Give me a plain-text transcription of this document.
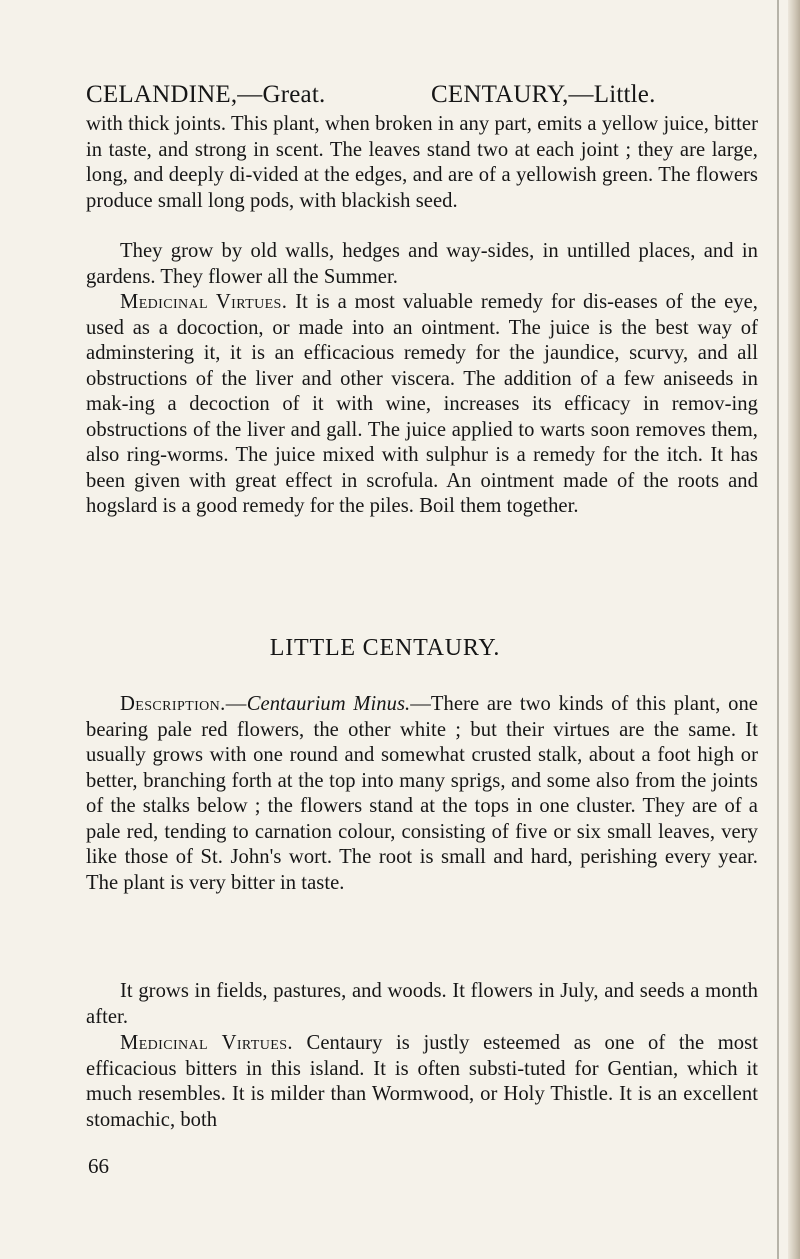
CELANDINE,—Great.	CENTAURY,—Little.

with thick joints. This plant, when broken in any part, emits a yellow juice, bitter in taste, and strong in scent. The leaves stand two at each joint ; they are large, long, and deeply di-vided at the edges, and are of a yellowish green. The flowers produce small long pods, with blackish seed.

They grow by old walls, hedges and way-sides, in untilled places, and in gardens. They flower all the Summer.

Medicinal Virtues. It is a most valuable remedy for dis-eases of the eye, used as a docoction, or made into an ointment. The juice is the best way of adminstering it, it is an efficacious remedy for the jaundice, scurvy, and all obstructions of the liver and other viscera. The addition of a few aniseeds in mak-ing a decoction of it with wine, increases its efficacy in remov-ing obstructions of the liver and gall. The juice applied to warts soon removes them, also ring-worms. The juice mixed with sulphur is a remedy for the itch. It has been given with great effect in scrofula. An ointment made of the roots and hogslard is a good remedy for the piles. Boil them together.

LITTLE CENTAURY.

Description.—Centaurium Minus.—There are two kinds of this plant, one bearing pale red flowers, the other white ; but their virtues are the same. It usually grows with one round and somewhat crusted stalk, about a foot high or better, branching forth at the top into many sprigs, and some also from the joints of the stalks below ; the flowers stand at the tops in one cluster. They are of a pale red, tending to carnation colour, consisting of five or six small leaves, very like those of St. John's wort. The root is small and hard, perishing every year. The plant is very bitter in taste.

It grows in fields, pastures, and woods. It flowers in July, and seeds a month after.

Medicinal Virtues. Centaury is justly esteemed as one of the most efficacious bitters in this island. It is often substi-tuted for Gentian, which it much resembles. It is milder than Wormwood, or Holy Thistle. It is an excellent stomachic, both

66
